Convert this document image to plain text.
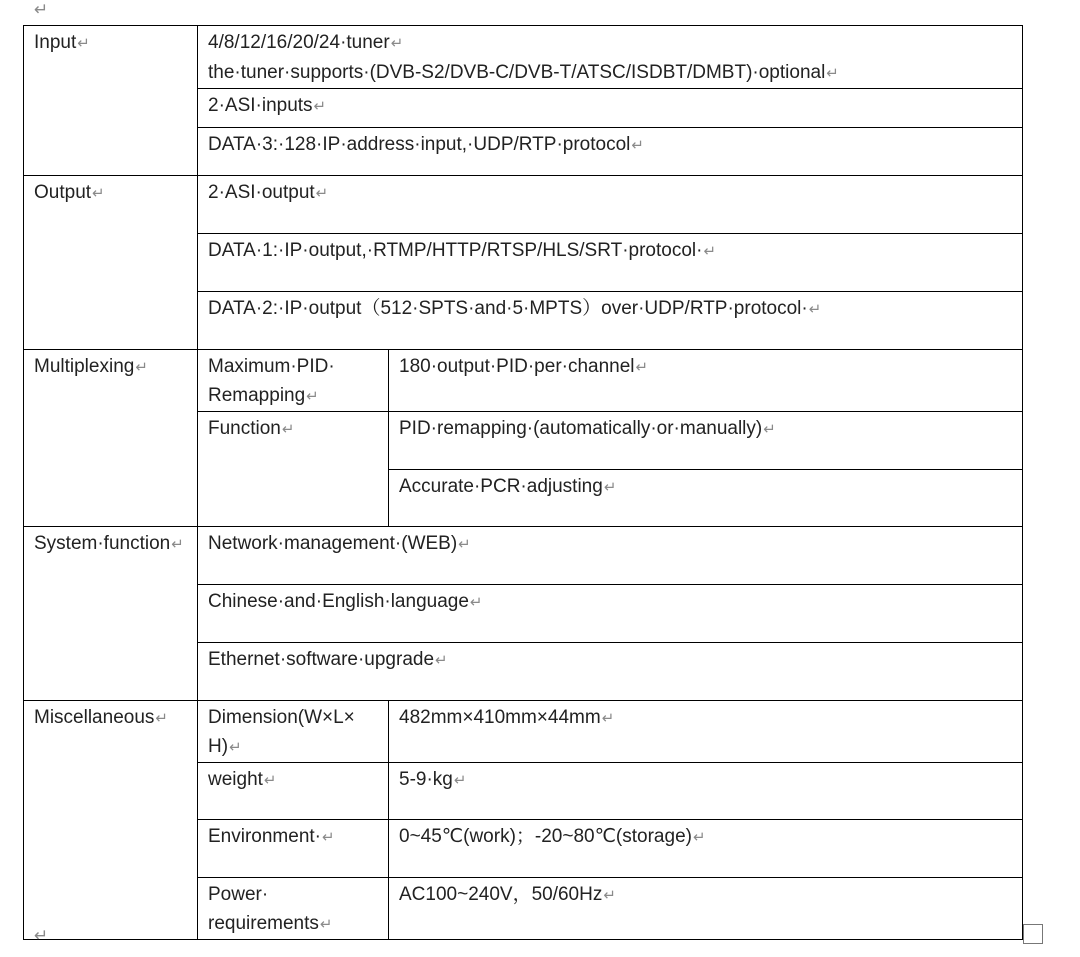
↵
Input↵	4/8/12/16/20/24·tuner↵
the·tuner·supports·(DVB-S2/DVB-C/DVB-T/ATSC/ISDBT/DMBT)·optional↵	
	2·ASI·inputs↵	
	DATA·3:·128·IP·address·input,·UDP/RTP·protocol↵	
Output↵	2·ASI·output↵	
	DATA·1:·IP·output,·RTMP/HTTP/RTSP/HLS/SRT·protocol·↵	
	DATA·2:·IP·output（512·SPTS·and·5·MPTS）over·UDP/RTP·protocol·↵	
Multiplexing↵	Maximum·PID·
Remapping↵	180·output·PID·per·channel↵
	Function↵	PID·remapping·(automatically·or·manually)↵
		Accurate·PCR·adjusting↵
System·function↵	Network·management·(WEB)↵	
	Chinese·and·English·language↵	
	Ethernet·software·upgrade↵	
Miscellaneous↵	Dimension(W×L×
H)↵	482mm×410mm×44mm↵
	weight↵	5-9·kg↵
	Environment·↵	0~45℃(work)；-20~80℃(storage)↵
	Power·
requirements↵	AC100~240V，50/60Hz↵
↵
